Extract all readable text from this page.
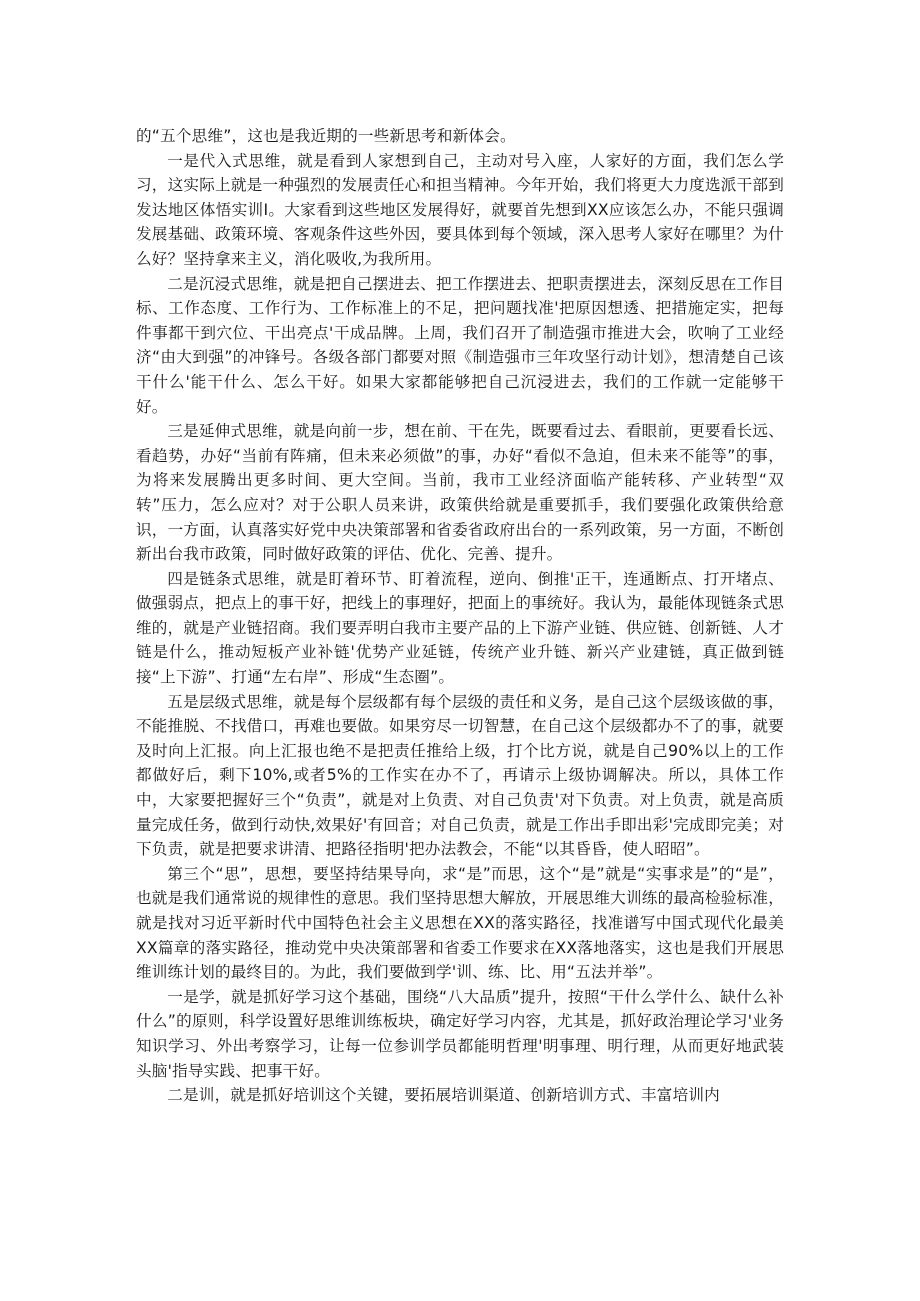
的“五个思维”，这也是我近期的一些新思考和新体会。

一是代入式思维，就是看到人家想到自己，主动对号入座，人家好的方面，我们怎么学习，这实际上就是一种强烈的发展责任心和担当精神。今年开始，我们将更大力度选派干部到发达地区体悟实训I。大家看到这些地区发展得好，就要首先想到XX应该怎么办，不能只强调发展基础、政策环境、客观条件这些外因，要具体到每个领域，深入思考人家好在哪里？为什么好？坚持拿来主义，消化吸收,为我所用。

二是沉浸式思维，就是把自己摆进去、把工作摆进去、把职责摆进去，深刻反思在工作目标、工作态度、工作行为、工作标准上的不足，把问题找准'把原因想透、把措施定实，把每件事都干到穴位、干出亮点'干成品牌。上周，我们召开了制造强市推进大会，吹响了工业经济“由大到强”的冲锋号。各级各部门都要对照《制造强市三年攻坚行动计划》，想清楚自己该干什么'能干什么、怎么干好。如果大家都能够把自己沉浸进去，我们的工作就一定能够干好。

三是延伸式思维，就是向前一步，想在前、干在先，既要看过去、看眼前，更要看长远、看趋势，办好“当前有阵痛，但未来必须做”的事，办好“看似不急迫，但未来不能等”的事，为将来发展腾出更多时间、更大空间。当前，我市工业经济面临产能转移、产业转型“双转”压力，怎么应对？对于公职人员来讲，政策供给就是重要抓手，我们要强化政策供给意识，一方面，认真落实好党中央决策部署和省委省政府出台的一系列政策，另一方面，不断创新出台我市政策，同时做好政策的评估、优化、完善、提升。

四是链条式思维，就是盯着环节、盯着流程，逆向、倒推'正干，连通断点、打开堵点、做强弱点，把点上的事干好，把线上的事理好，把面上的事统好。我认为，最能体现链条式思维的，就是产业链招商。我们要弄明白我市主要产品的上下游产业链、供应链、创新链、人才链是什么，推动短板产业补链'优势产业延链，传统产业升链、新兴产业建链，真正做到链接“上下游”、打通“左右岸”、形成“生态圈”。

五是层级式思维，就是每个层级都有每个层级的责任和义务，是自己这个层级该做的事，不能推脱、不找借口，再难也要做。如果穷尽一切智慧，在自己这个层级都办不了的事，就要及时向上汇报。向上汇报也绝不是把责任推给上级，打个比方说，就是自己90%以上的工作都做好后，剩下10%,或者5%的工作实在办不了，再请示上级协调解决。所以，具体工作中，大家要把握好三个“负责”，就是对上负责、对自己负责'对下负责。对上负责，就是高质量完成任务，做到行动快,效果好'有回音；对自己负责，就是工作出手即出彩'完成即完美；对下负责，就是把要求讲清、把路径指明'把办法教会，不能“以其昏昏，使人昭昭”。

第三个“思”，思想，要坚持结果导向，求“是”而思，这个“是”就是“实事求是”的“是”，也就是我们通常说的规律性的意思。我们坚持思想大解放，开展思维大训练的最高检验标准，就是找对习近平新时代中国特色社会主义思想在XX的落实路径，找准谱写中国式现代化最美XX篇章的落实路径，推动党中央决策部署和省委工作要求在XX落地落实，这也是我们开展思维训练计划的最终目的。为此，我们要做到学'训、练、比、用“五法并举”。

一是学，就是抓好学习这个基础，围绕“八大品质”提升，按照“干什么学什么、缺什么补什么”的原则，科学设置好思维训练板块，确定好学习内容，尤其是，抓好政治理论学习'业务知识学习、外出考察学习，让每一位参训学员都能明哲理'明事理、明行理，从而更好地武装头脑'指导实践、把事干好。

二是训，就是抓好培训这个关键，要拓展培训渠道、创新培训方式、丰富培训内
